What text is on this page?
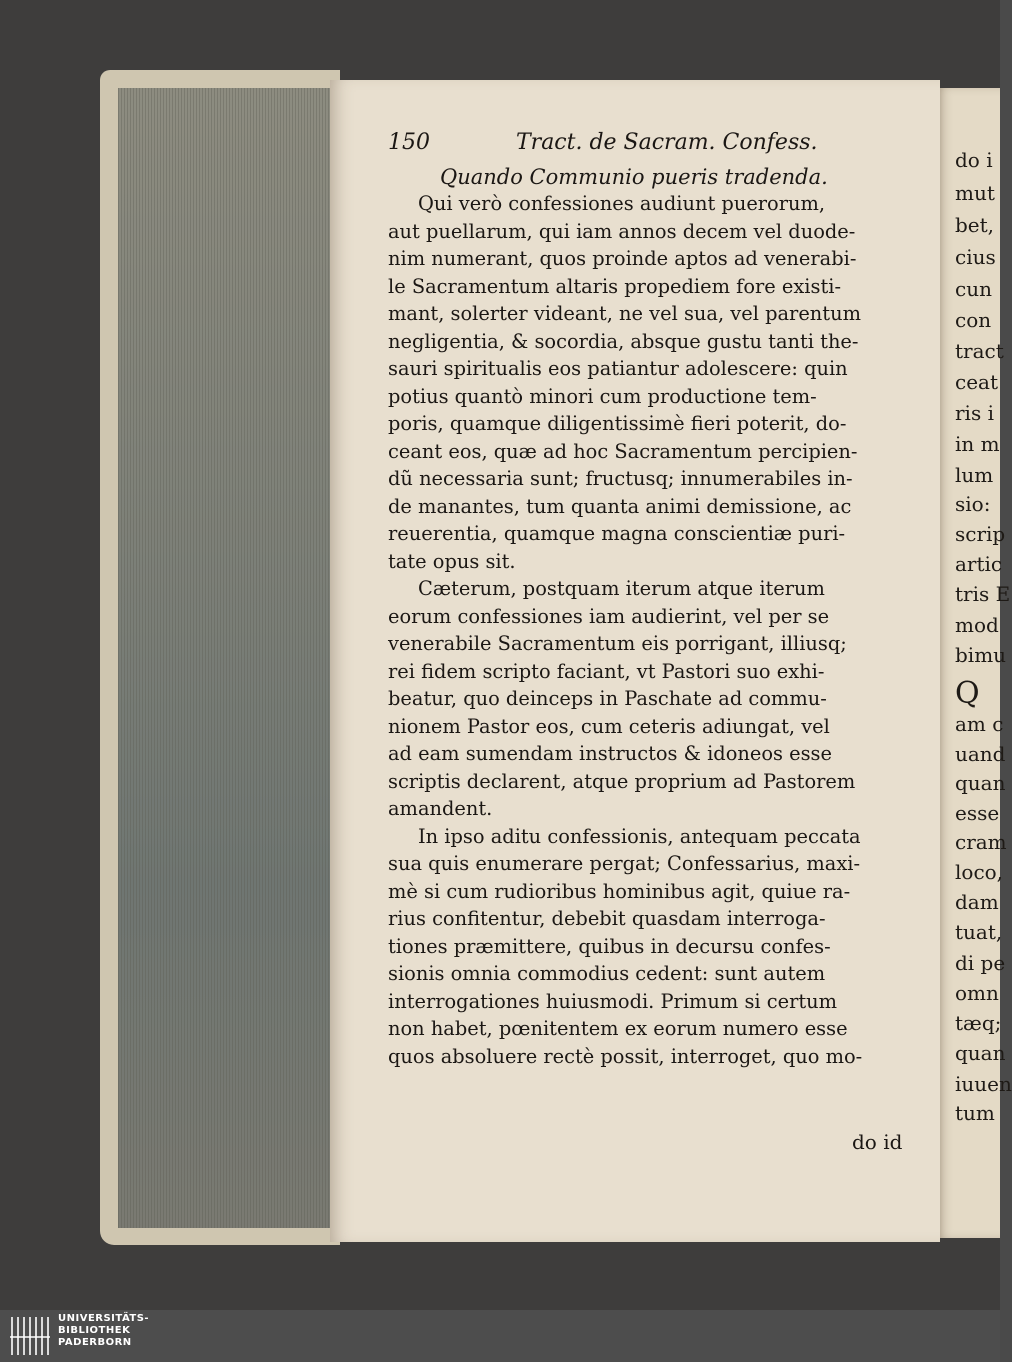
do i
mut
bet,
cius
cun
con
tract
ceat
ris i
in m
lum
sio:
scrip
artic
tris E
mod
bimu
Q
am c
uand
quan
esse
cram
loco,
dam
tuat,
di pe
omn
tæq;
quan
iuuen
tum
150	Tract. de Sacram. Confess.
Quando Communio pueris tradenda.
Qui verò confessiones audiunt puerorum,
aut puellarum, qui iam annos decem vel duode-
nim numerant, quos proinde aptos ad venerabi-
le Sacramentum altaris propediem fore existi-
mant, solerter videant, ne vel sua, vel parentum
negligentia, & socordia, absque gustu tanti the-
sauri spiritualis eos patiantur adolescere: quin
potius quantò minori cum productione tem-
poris, quamque diligentissimè fieri poterit, do-
ceant eos, quæ ad hoc Sacramentum percipien-
dũ necessaria sunt; fructusq; innumerabiles in-
de manantes, tum quanta animi demissione, ac
reuerentia, quamque magna conscientiæ puri-
tate opus sit.
Cæterum, postquam iterum atque iterum
eorum confessiones iam audierint, vel per se
venerabile Sacramentum eis porrigant, illiusq;
rei fidem scripto faciant, vt Pastori suo exhi-
beatur, quo deinceps in Paschate ad commu-
nionem Pastor eos, cum ceteris adiungat, vel
ad eam sumendam instructos & idoneos esse
scriptis declarent, atque proprium ad Pastorem
amandent.
In ipso aditu confessionis, antequam peccata
sua quis enumerare pergat; Confessarius, maxi-
mè si cum rudioribus hominibus agit, quiue ra-
rius confitentur, debebit quasdam interroga-
tiones præmittere, quibus in decursu confes-
sionis omnia commodius cedent: sunt autem
interrogationes huiusmodi. Primum si certum
non habet, pœnitentem ex eorum numero esse
quos absoluere rectè possit, interroget, quo mo-
do id
UNIVERSITÄTS-
BIBLIOTHEK
PADERBORN
